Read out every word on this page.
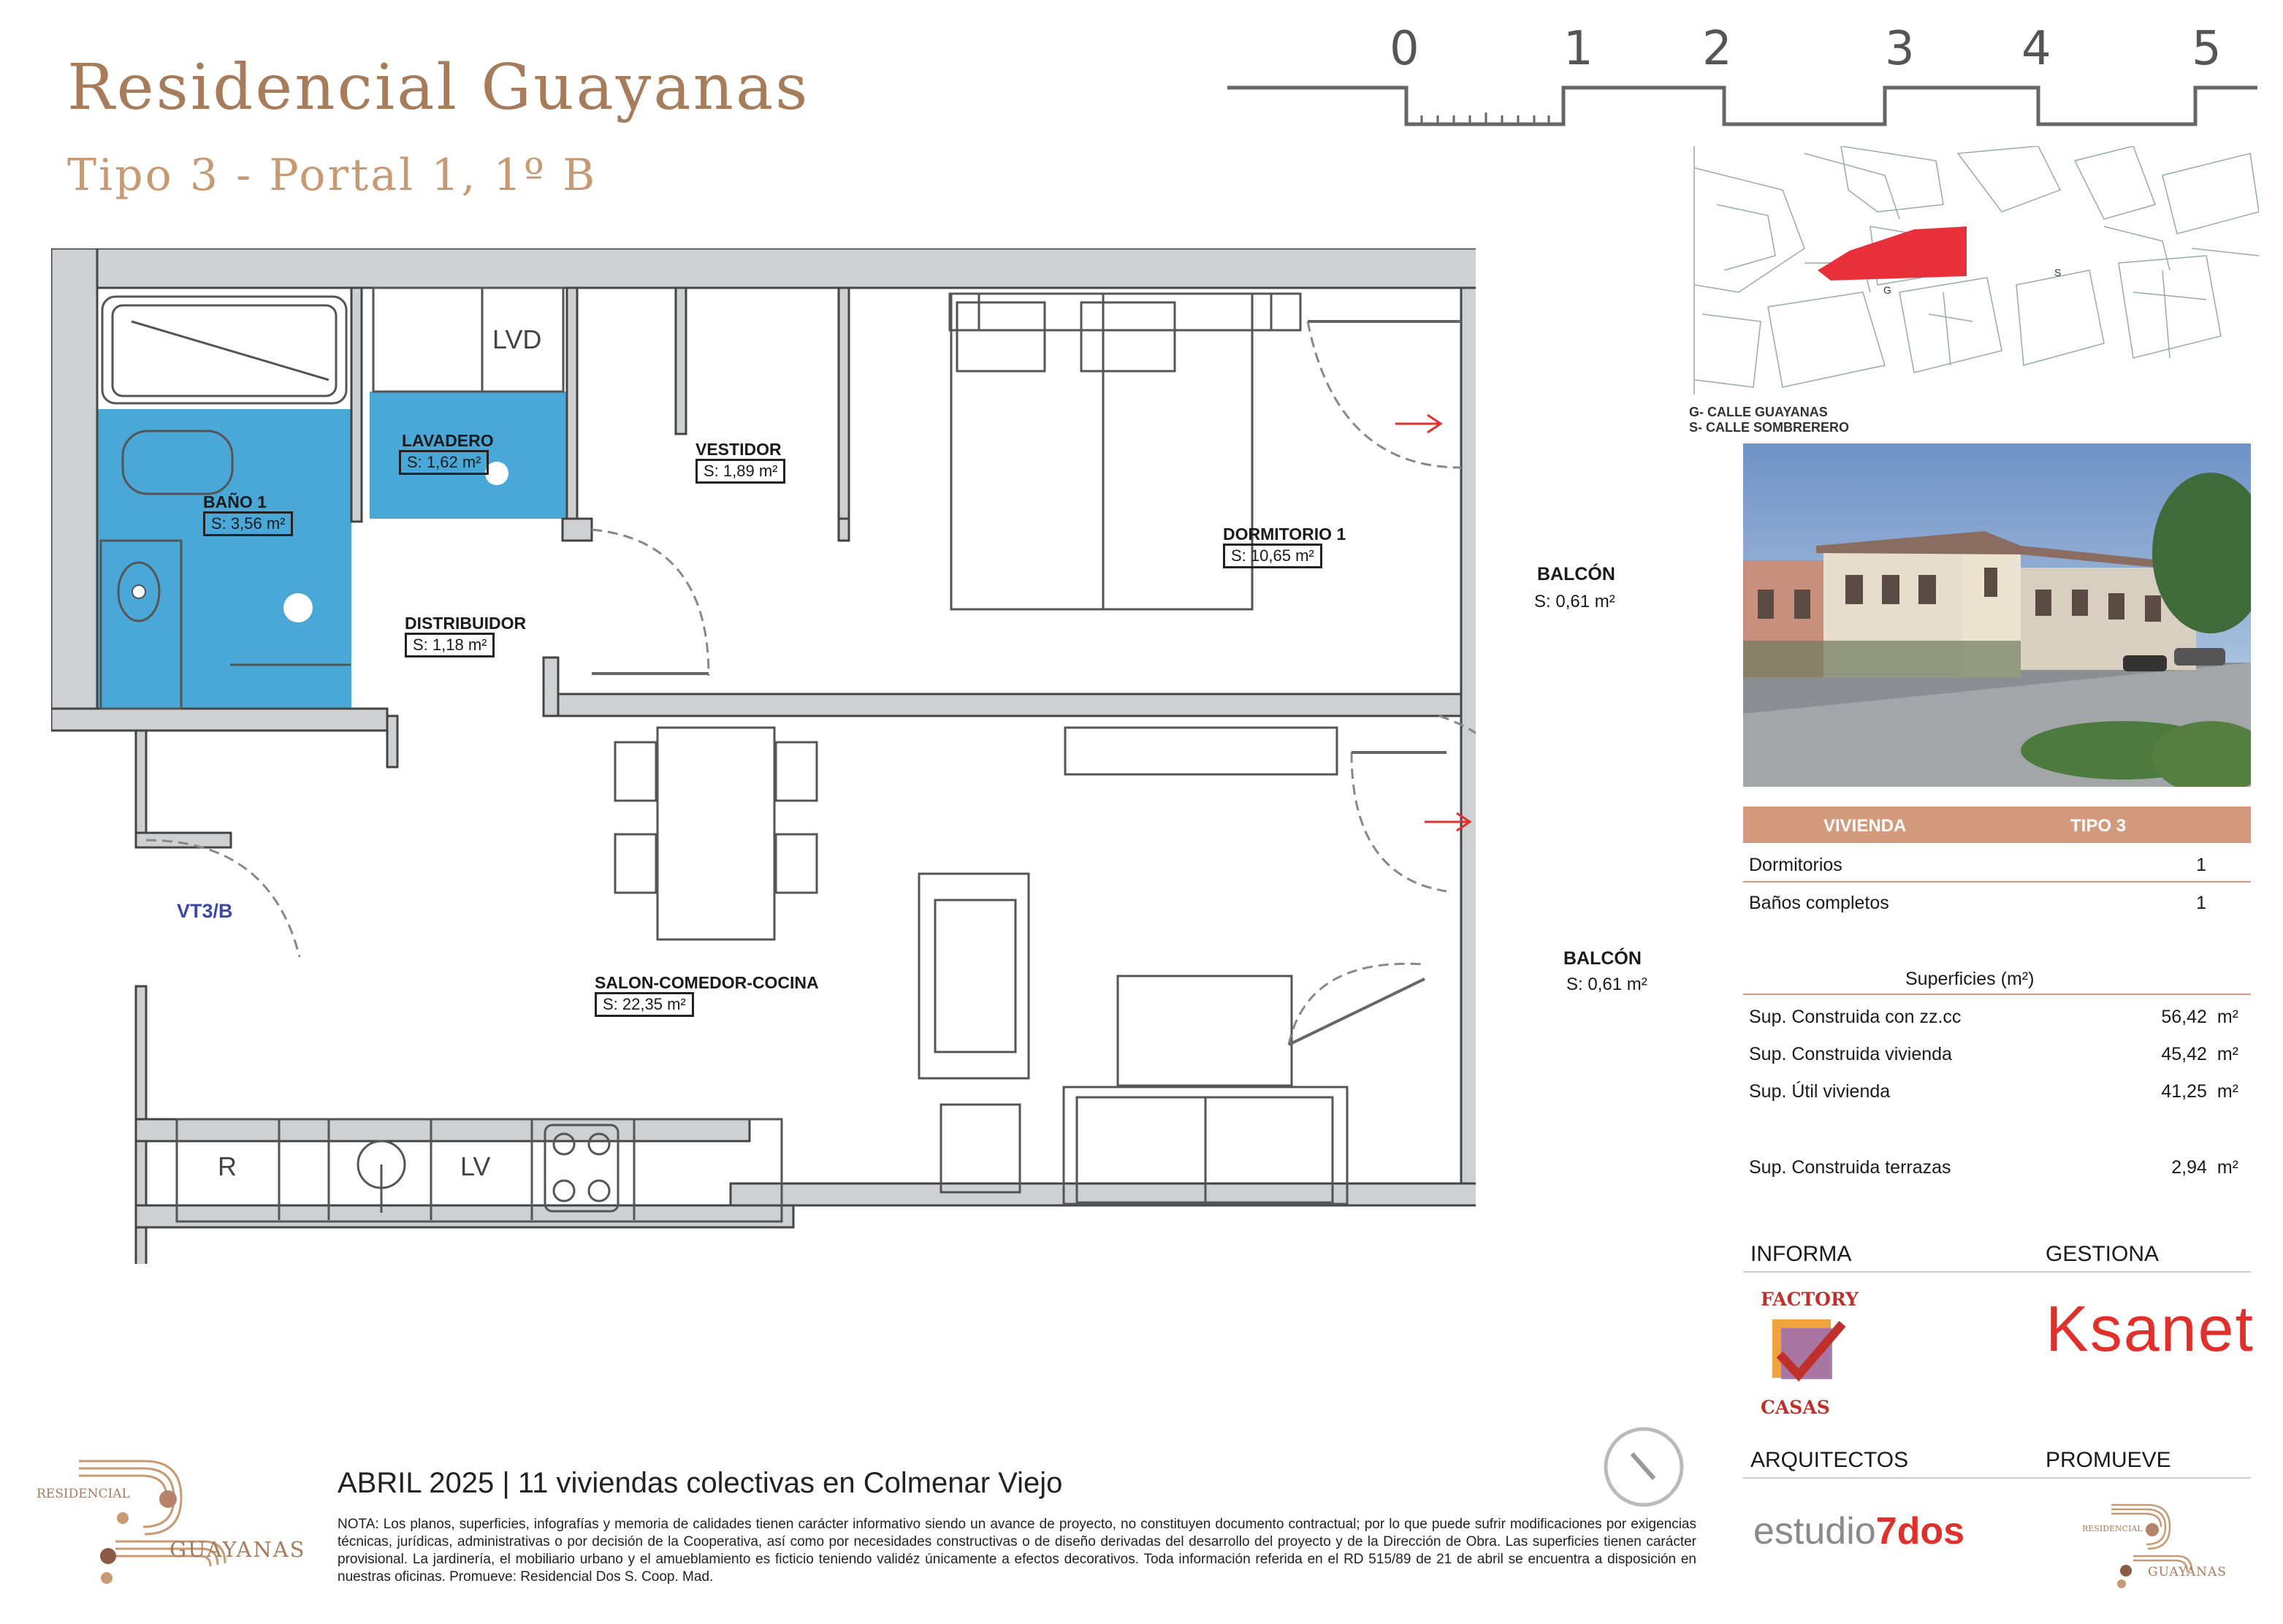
Residencial Guayanas
Tipo 3 - Portal 1, 1º B
0	1 2	3 4	5
G
S
G- CALLE GUAYANAS
S- CALLE SOMBRERERO
VIVIENDA	TIPO 3
Dormitorios	1
Baños completos	1
Superficies (m²)
Sup. Construida con zz.cc	56,42 m²
Sup. Construida vivienda	45,42 m²
Sup. Útil vivienda	41,25 m²
Sup. Construida terrazas	2,94 m²
INFORMA	GESTIONA
FACTORY
CASAS
Ksanet
ARQUITECTOS	PROMUEVE
estudio7dos	RESIDENCIAL
GUAYANAS
RESIDENCIAL
GUAYANAS
ABRIL 2025 | 11 viviendas colectivas en Colmenar Viejo
NOTA: Los planos, superficies, infografías y memoria de calidades tienen carácter informativo siendo un avance de proyecto, no constituyen documento contractual; por lo que puede sufrir modificaciones por exigencias técnicas, jurídicas, administrativas o por decisión de la Cooperativa, así como por necesidades constructivas o de diseño derivadas del desarrollo del proyecto y de la Dirección de Obra. Las superficies tienen carácter provisional. La jardinería, el mobiliario urbano y el amueblamiento es ficticio teniendo validéz únicamente a efectos decorativos. Toda información referida en el RD 515/89 de 21 de abril se encuentra a disposición en nuestras oficinas. Promueve: Residencial Dos S. Coop. Mad.
BAÑO 1
S: 3,56 m²
LAVADERO
S: 1,62 m²
VESTIDOR
S: 1,89 m²
DORMITORIO 1
S: 10,65 m²
DISTRIBUIDOR
S: 1,18 m²
SALON-COMEDOR-COCINA
S: 22,35 m²
BALCÓN
S: 0,61 m²
BALCÓN
S: 0,61 m²
VT3/B
LVD
R	LV
